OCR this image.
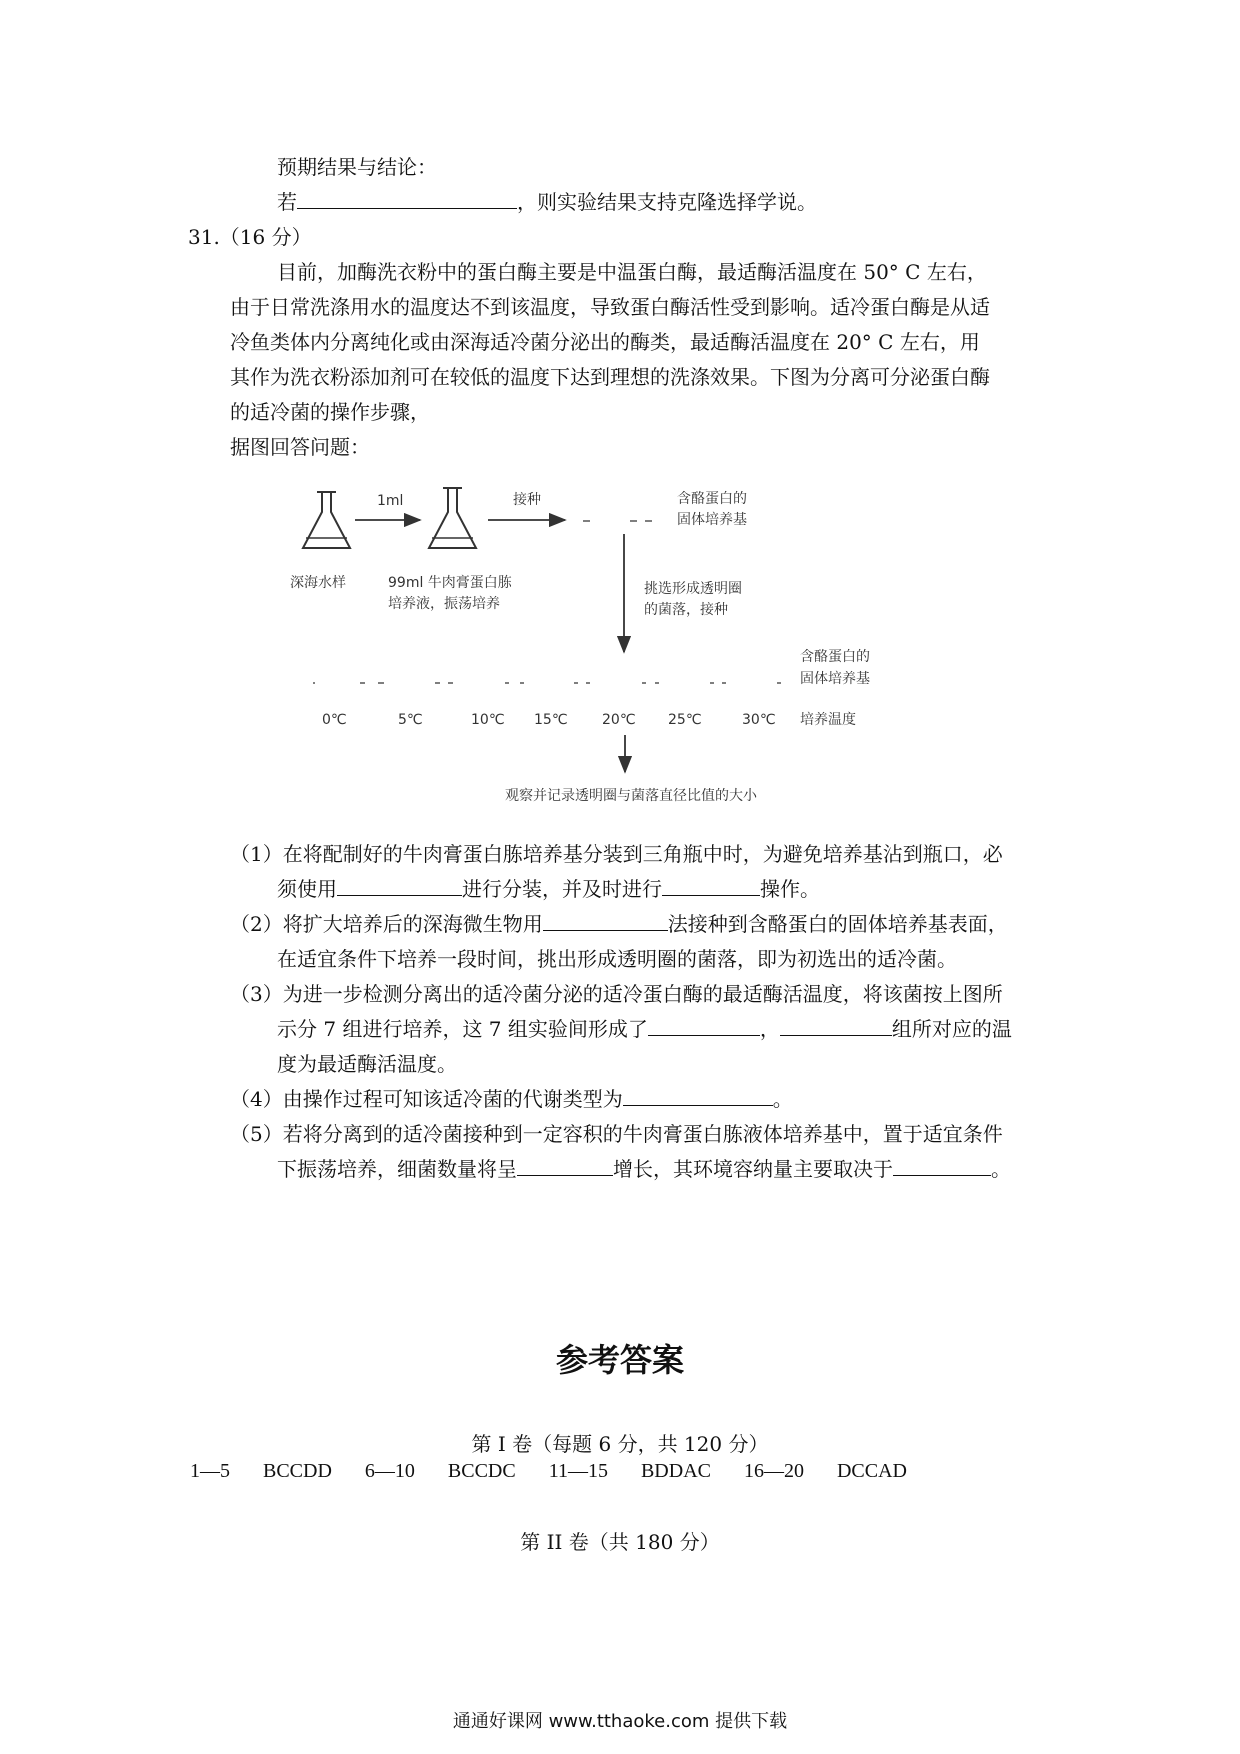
预期结果与结论：
若	，则实验结果支持克隆选择学说。
31.（16 分）
目前，加酶洗衣粉中的蛋白酶主要是中温蛋白酶，最适酶活温度在 50° C 左右，
由于日常洗涤用水的温度达不到该温度，导致蛋白酶活性受到影响。适冷蛋白酶是从适
冷鱼类体内分离纯化或由深海适冷菌分泌出的酶类，最适酶活温度在 20° C 左右，用
其作为洗衣粉添加剂可在较低的温度下达到理想的洗涤效果。下图为分离可分泌蛋白酶
的适冷菌的操作步骤，
据图回答问题：
深海水样
1ml
99ml 牛肉膏蛋白胨
培养液，振荡培养
接种	含酪蛋白的
固体培养基
挑选形成透明圈
的菌落，接种
含酪蛋白的
固体培养基
0℃	5℃	10℃ 15℃ 20℃ 25℃	30℃ 培养温度
观察并记录透明圈与菌落直径比值的大小
（1）在将配制好的牛肉膏蛋白胨培养基分装到三角瓶中时，为避免培养基沾到瓶口，必
须使用	进行分装，并及时进行	操作。
（2）将扩大培养后的深海微生物用	法接种到含酪蛋白的固体培养基表面，
在适宜条件下培养一段时间，挑出形成透明圈的菌落，即为初选出的适冷菌。
（3）为进一步检测分离出的适冷菌分泌的适冷蛋白酶的最适酶活温度，将该菌按上图所
示分 7 组进行培养，这 7 组实验间形成了	，	组所对应的温
度为最适酶活温度。
（4）由操作过程可知该适冷菌的代谢类型为	。
（5）若将分离到的适冷菌接种到一定容积的牛肉膏蛋白胨液体培养基中，置于适宜条件
下振荡培养，细菌数量将呈	增长，其环境容纳量主要取决于	。
参考答案
第 I 卷（每题 6 分，共 120 分）
1—5   BCCDD   6—10   BCCDC   11—15   BDDAC   16—20   DCCAD
第 II 卷（共 180 分）
通通好课网 www.tthaoke.com 提供下载
